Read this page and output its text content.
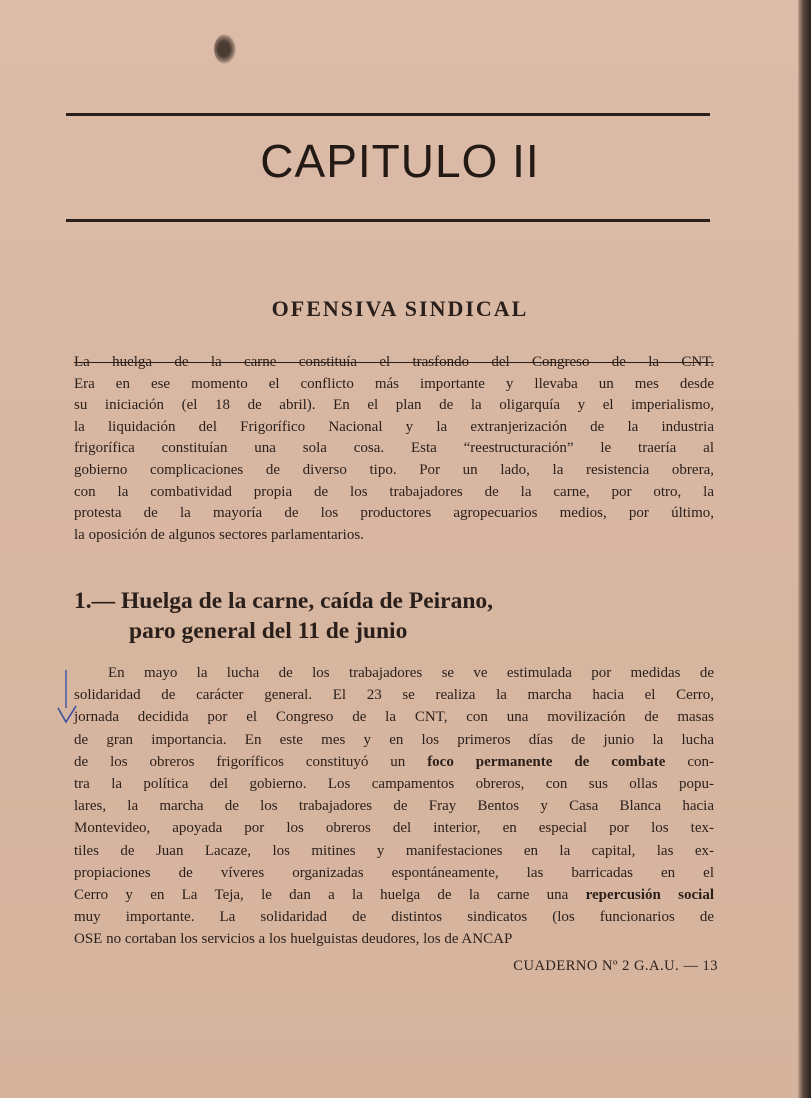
CAPITULO II
OFENSIVA SINDICAL
La huelga de la carne constituía el trasfondo del Congreso de la CNT.
Era en ese momento el conflicto más importante y llevaba un mes desde
su iniciación (el 18 de abril). En el plan de la oligarquía y el imperialismo,
la liquidación del Frigorífico Nacional y la extranjerización de la industria
frigorífica constituían una sola cosa. Esta “reestructuración” le traería al
gobierno complicaciones de diverso tipo. Por un lado, la resistencia obrera,
con la combatividad propia de los trabajadores de la carne, por otro, la
protesta de la mayoría de los productores agropecuarios medios, por último,
la oposición de algunos sectores parlamentarios.
1.— Huelga de la carne, caída de Peirano,
paro general del 11 de junio
En mayo la lucha de los trabajadores se ve estimulada por medidas de
solidaridad de carácter general. El 23 se realiza la marcha hacia el Cerro,
jornada decidida por el Congreso de la CNT, con una movilización de masas
de gran importancia. En este mes y en los primeros días de junio la lucha
de los obreros frigoríficos constituyó un foco permanente de combate con-
tra la política del gobierno. Los campamentos obreros, con sus ollas popu-
lares, la marcha de los trabajadores de Fray Bentos y Casa Blanca hacia
Montevideo, apoyada por los obreros del interior, en especial por los tex-
tiles de Juan Lacaze, los mitines y manifestaciones en la capital, las ex-
propiaciones de víveres organizadas espontáneamente, las barricadas en el
Cerro y en La Teja, le dan a la huelga de la carne una repercusión social
muy importante. La solidaridad de distintos sindicatos (los funcionarios de
OSE no cortaban los servicios a los huelguistas deudores, los de ANCAP
CUADERNO Nº 2 G.A.U. — 13
